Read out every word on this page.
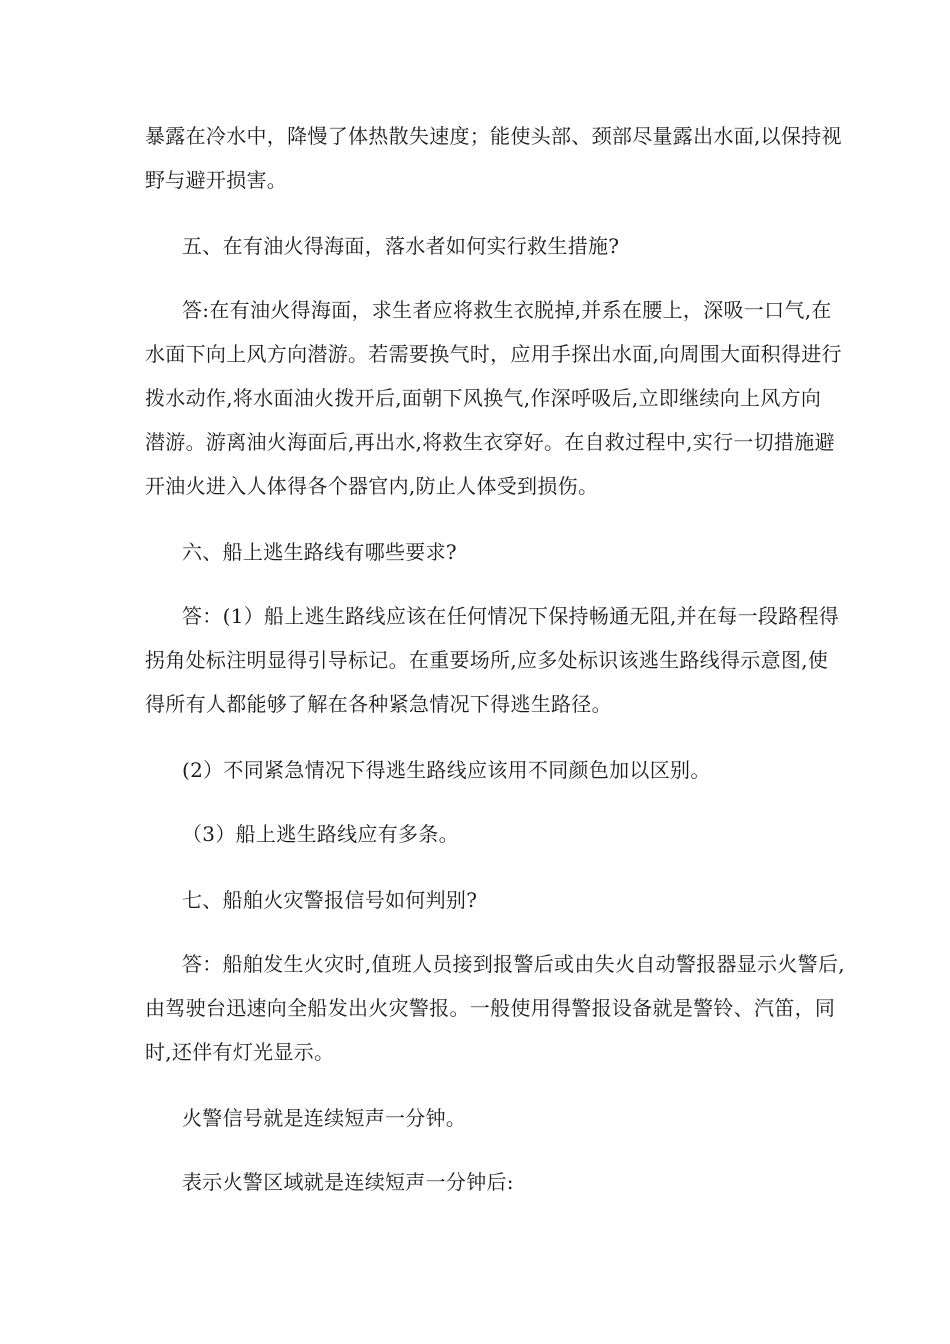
暴露在冷水中，降慢了体热散失速度；能使头部、颈部尽量露出水面,以保持视
野与避开损害。
五、在有油火得海面，落水者如何实行救生措施?
答:在有油火得海面，求生者应将救生衣脱掉,并系在腰上，深吸一口气,在
水面下向上风方向潜游。若需要换气时，应用手探出水面,向周围大面积得进行
拨水动作,将水面油火拨开后,面朝下风换气,作深呼吸后,立即继续向上风方向
潜游。游离油火海面后,再出水,将救生衣穿好。在自救过程中,实行一切措施避
开油火进入人体得各个器官内,防止人体受到损伤。
六、船上逃生路线有哪些要求?
答：(1）船上逃生路线应该在任何情况下保持畅通无阻,并在每一段路程得
拐角处标注明显得引导标记。在重要场所,应多处标识该逃生路线得示意图,使
得所有人都能够了解在各种紧急情况下得逃生路径。
(2）不同紧急情况下得逃生路线应该用不同颜色加以区别。
（3）船上逃生路线应有多条。
七、船舶火灾警报信号如何判别?
答：船舶发生火灾时,值班人员接到报警后或由失火自动警报器显示火警后,
由驾驶台迅速向全船发出火灾警报。一般使用得警报设备就是警铃、汽笛，同
时,还伴有灯光显示。
火警信号就是连续短声一分钟。
表示火警区域就是连续短声一分钟后:
